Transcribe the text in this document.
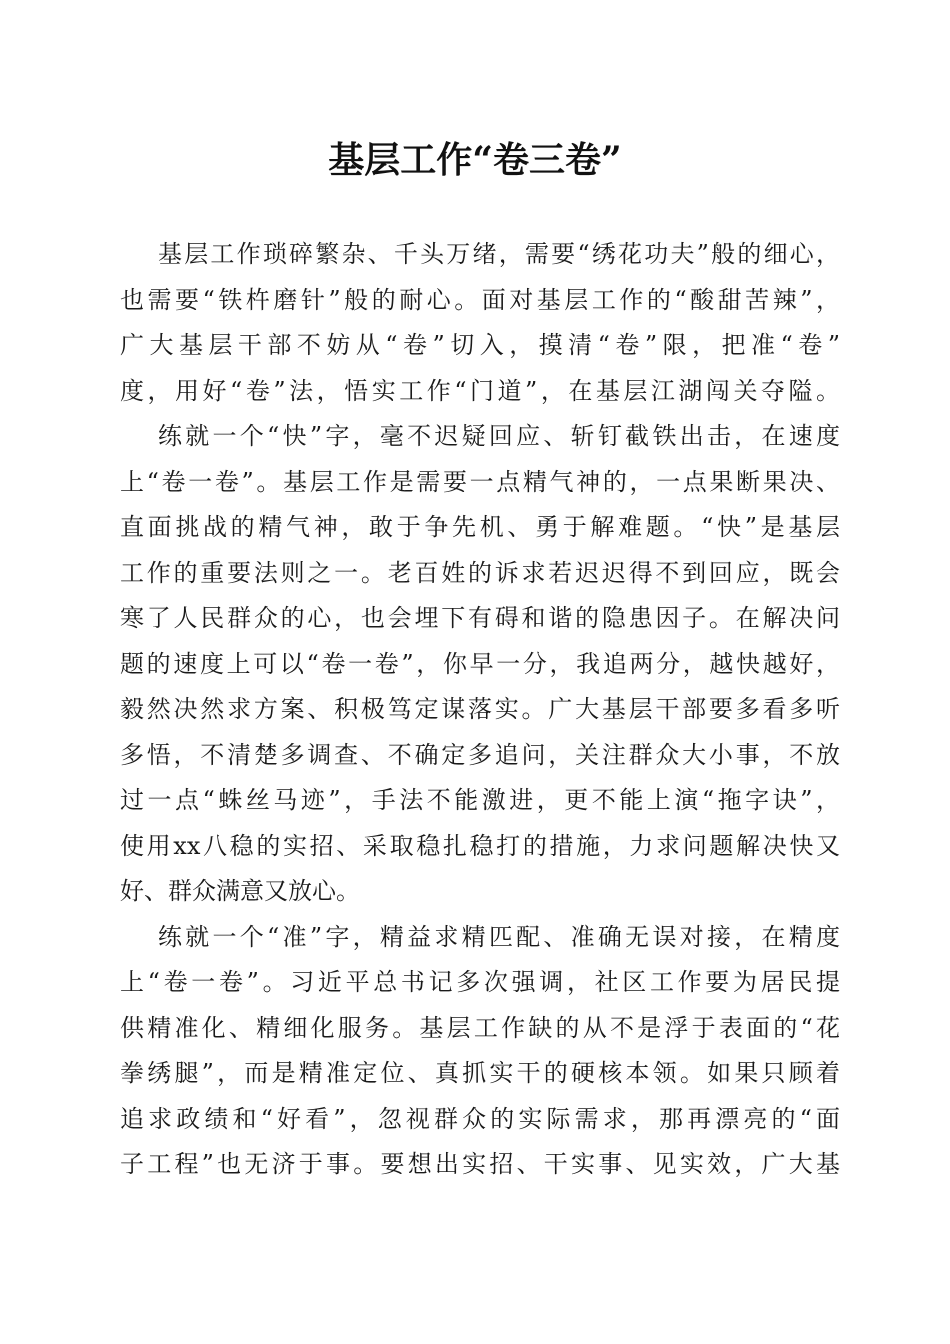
基层工作“卷三卷”
基层工作琐碎繁杂、千头万绪，需要“绣花功夫”般的细心，
也需要“铁杵磨针”般的耐心。面对基层工作的“酸甜苦辣”，
广大基层干部不妨从“卷”切入，摸清“卷”限，把准“卷”
度，用好“卷”法，悟实工作“门道”，在基层江湖闯关夺隘。
练就一个“快”字，毫不迟疑回应、斩钉截铁出击，在速度
上“卷一卷”。基层工作是需要一点精气神的，一点果断果决、
直面挑战的精气神，敢于争先机、勇于解难题。“快”是基层
工作的重要法则之一。老百姓的诉求若迟迟得不到回应，既会
寒了人民群众的心，也会埋下有碍和谐的隐患因子。在解决问
题的速度上可以“卷一卷”，你早一分，我追两分，越快越好，
毅然决然求方案、积极笃定谋落实。广大基层干部要多看多听
多悟，不清楚多调查、不确定多追问，关注群众大小事，不放
过一点“蛛丝马迹”，手法不能激进，更不能上演“拖字诀”，
使用xx八稳的实招、采取稳扎稳打的措施，力求问题解决快又
好、群众满意又放心。
练就一个“准”字，精益求精匹配、准确无误对接，在精度
上“卷一卷”。习近平总书记多次强调，社区工作要为居民提
供精准化、精细化服务。基层工作缺的从不是浮于表面的“花
拳绣腿”，而是精准定位、真抓实干的硬核本领。如果只顾着
追求政绩和“好看”，忽视群众的实际需求，那再漂亮的“面
子工程”也无济于事。要想出实招、干实事、见实效，广大基
